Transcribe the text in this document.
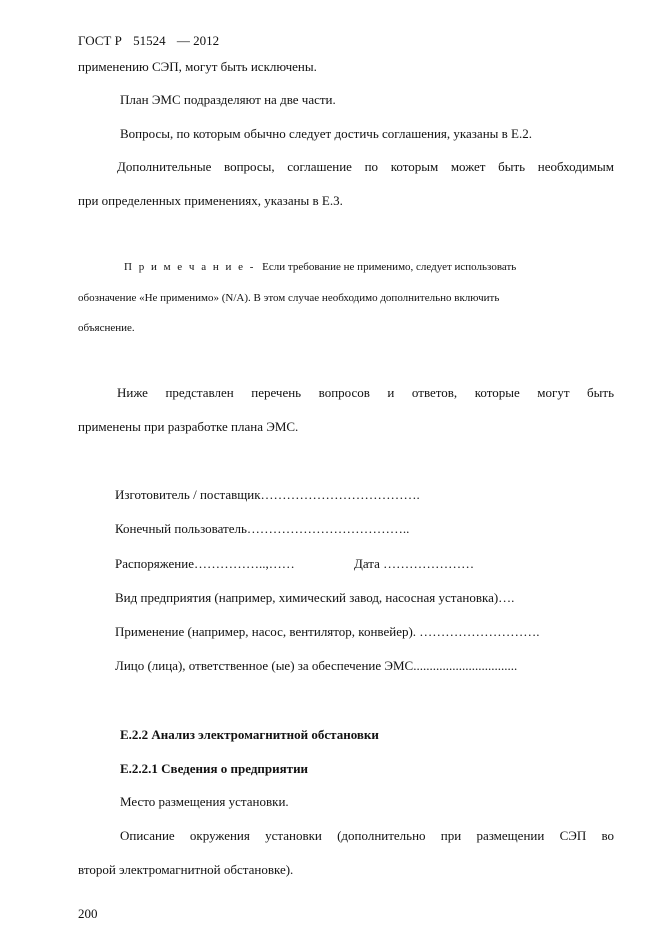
ГОСТ Р 51524 — 2012
применению СЭП, могут быть исключены.
План ЭМС подразделяют на две части.
Вопросы, по которым обычно следует достичь соглашения, указаны в Е.2.
Дополнительные вопросы, соглашение по которым может быть необходимым
при определенных применениях, указаны в Е.3.
П р и м е ч а н и е - Если требование не применимо, следует использовать
обозначение «Не применимо» (N/A). В этом случае необходимо дополнительно включить
объяснение.
Ниже представлен перечень вопросов и ответов, которые могут быть
применены при разработке плана ЭМС.
Изготовитель / поставщик……………………………….
Конечный пользователь………………………………..
Распоряжение……………..,……	Дата …………………
Вид предприятия (например, химический завод, насосная установка)….
Применение (например, насос, вентилятор, конвейер). ……………………….
Лицо (лица), ответственное (ые) за обеспечение ЭМС................................
Е.2.2 Анализ электромагнитной обстановки
Е.2.2.1 Сведения о предприятии
Место размещения установки.
Описание окружения установки (дополнительно при размещении СЭП во
второй электромагнитной обстановке).
200
